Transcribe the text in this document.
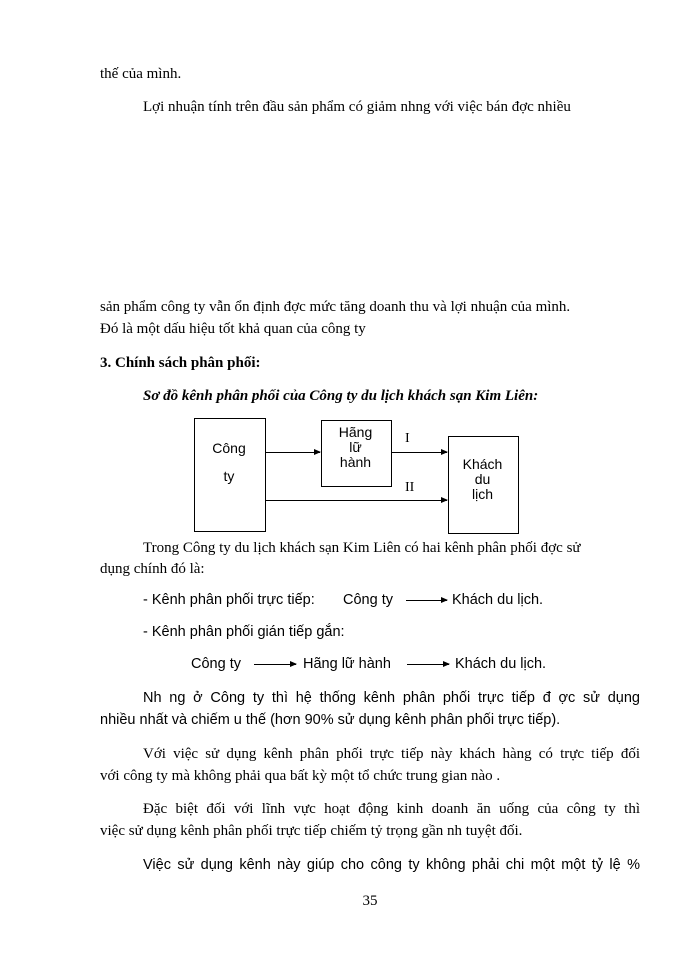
thế của mình.
Lợi nhuận tính trên đầu sản phẩm có giảm nhng với việc bán đợc nhiều
sản phẩm công ty vẫn ổn định đợc mức tăng doanh thu và lợi nhuận của mình.
Đó là một dấu hiệu tốt khả quan của công ty
3. Chính sách phân phối:
Sơ đồ kênh phân phối của Công ty du lịch khách sạn Kim Liên:
Công
ty
Hãng
lữ
hành	Khách
du
lịch
I
II
Trong Công ty du lịch khách sạn Kim Liên có hai kênh phân phối đợc sử
dụng chính đó là:
- Kênh phân phối trực tiếp: Công ty	Khách du lịch.
- Kênh phân phối gián tiếp gắn:
Công ty	Hãng lữ hành	Khách du lịch.
Nh ng ở Công ty thì hệ thống kênh phân phối trực tiếp đ ợc sử dụng
nhiều nhất và chiếm u thế (hơn 90% sử dụng kênh phân phối trực tiếp).
Với việc sử dụng kênh phân phối trực tiếp này khách hàng có trực tiếp đối
với công ty mà không phải qua bất kỳ một tổ chức trung gian nào .
Đặc biệt đối với lĩnh vực hoạt động kinh doanh ăn uống của công ty thì
việc sử dụng kênh phân phối trực tiếp chiếm tỷ trọng gần nh tuyệt đối.
Việc sử dụng kênh này giúp cho công ty không phải chi một một tỷ lệ %
35
